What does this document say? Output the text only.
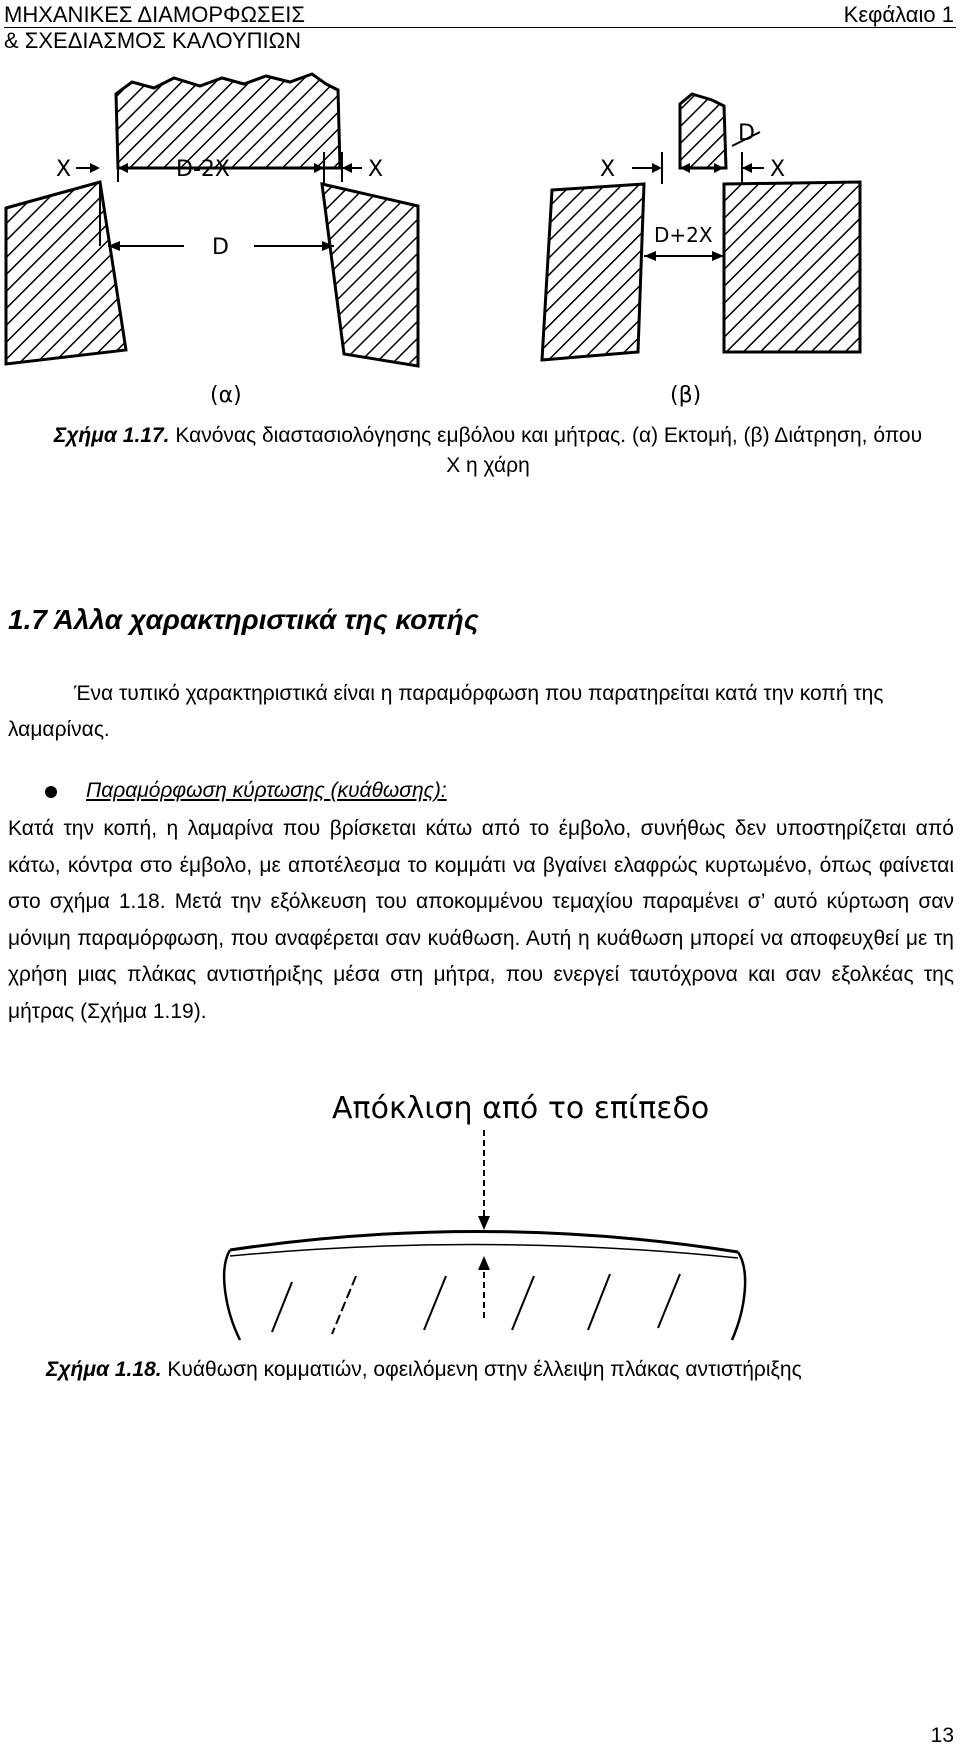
ΜΗΧΑΝΙΚΕΣ ΔΙΑΜΟΡΦΩΣΕΙΣ
& ΣΧΕΔΙΑΣΜΟΣ ΚΑΛΟΥΠΙΩΝ
Κεφάλαιο 1
X	D-2X	X
D
(α)
D
X	X
D+2X
(β)
Σχήμα 1.17. Κανόνας διαστασιολόγησης εμβόλου και μήτρας. (α) Εκτομή, (β) Διάτρηση, όπου Χ η χάρη
1.7 Άλλα χαρακτηριστικά της κοπής
Ένα τυπικό χαρακτηριστικά είναι η παραμόρφωση που παρατηρείται κατά την κοπή της λαμαρίνας.
Παραμόρφωση κύρτωσης (κυάθωσης):
Κατά την κοπή, η λαμαρίνα που βρίσκεται κάτω από το έμβολο, συνήθως δεν υποστηρίζεται από κάτω, κόντρα στο έμβολο, με αποτέλεσμα το κομμάτι να βγαίνει ελαφρώς κυρτωμένο, όπως φαίνεται στο σχήμα 1.18. Μετά την εξόλκευση του αποκομμένου τεμαχίου παραμένει σ’ αυτό κύρτωση σαν μόνιμη παραμόρφωση, που αναφέρεται σαν κυάθωση. Αυτή η κυάθωση μπορεί να αποφευχθεί με τη χρήση μιας πλάκας αντιστήριξης μέσα στη μήτρα, που ενεργεί ταυτόχρονα και σαν εξολκέας της μήτρας (Σχήμα 1.19).
Απόκλιση από το επίπεδο
Σχήμα 1.18. Κυάθωση κομματιών, οφειλόμενη στην έλλειψη πλάκας αντιστήριξης
13
